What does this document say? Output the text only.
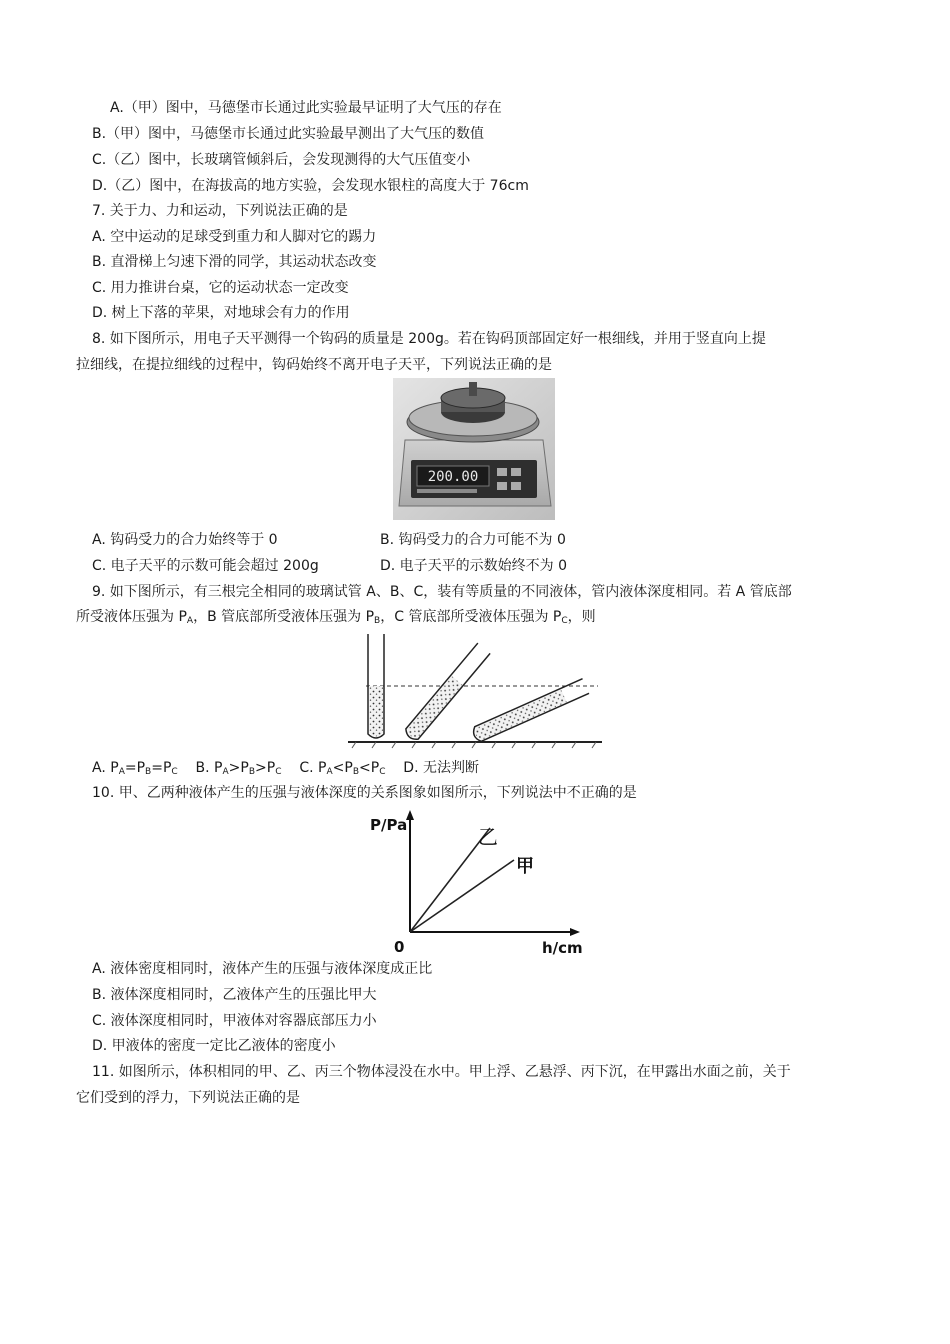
A.（甲）图中，马德堡市长通过此实验最早证明了大气压的存在
B.（甲）图中，马德堡市长通过此实验最早测出了大气压的数值
C.（乙）图中，长玻璃管倾斜后，会发现测得的大气压值变小
D.（乙）图中，在海拔高的地方实验，会发现水银柱的高度大于 76cm
7. 关于力、力和运动，下列说法正确的是
A. 空中运动的足球受到重力和人脚对它的踢力
B. 直滑梯上匀速下滑的同学，其运动状态改变
C. 用力推讲台桌，它的运动状态一定改变
D. 树上下落的苹果，对地球会有力的作用
8. 如下图所示，用电子天平测得一个钩码的质量是 200g。若在钩码顶部固定好一根细线，并用于竖直向上提
拉细线，在提拉细线的过程中，钩码始终不离开电子天平，下列说法正确的是
200.00
A. 钩码受力的合力始终等于 0	B. 钩码受力的合力可能不为 0
C. 电子天平的示数可能会超过 200g	D. 电子天平的示数始终不为 0
9. 如下图所示，有三根完全相同的玻璃试管 A、B、C，装有等质量的不同液体，管内液体深度相同。若 A 管底部
所受液体压强为 $P_A$，B 管底部所受液体压强为 $P_B$，C 管底部所受液体压强为 $P_C$，则
A. $P_A=P_B=P_C$ B. $P_A>P_B>P_C$ C. $P_A<P_B<P_C$ D. 无法判断
10. 甲、乙两种液体产生的压强与液体深度的关系图象如图所示，下列说法中不正确的是
P/Pa
h/cm
0
乙
甲
A. 液体密度相同时，液体产生的压强与液体深度成正比
B. 液体深度相同时，乙液体产生的压强比甲大
C. 液体深度相同时，甲液体对容器底部压力小
D. 甲液体的密度一定比乙液体的密度小
11. 如图所示，体积相同的甲、乙、丙三个物体浸没在水中。甲上浮、乙悬浮、丙下沉，在甲露出水面之前，关于
它们受到的浮力，下列说法正确的是
